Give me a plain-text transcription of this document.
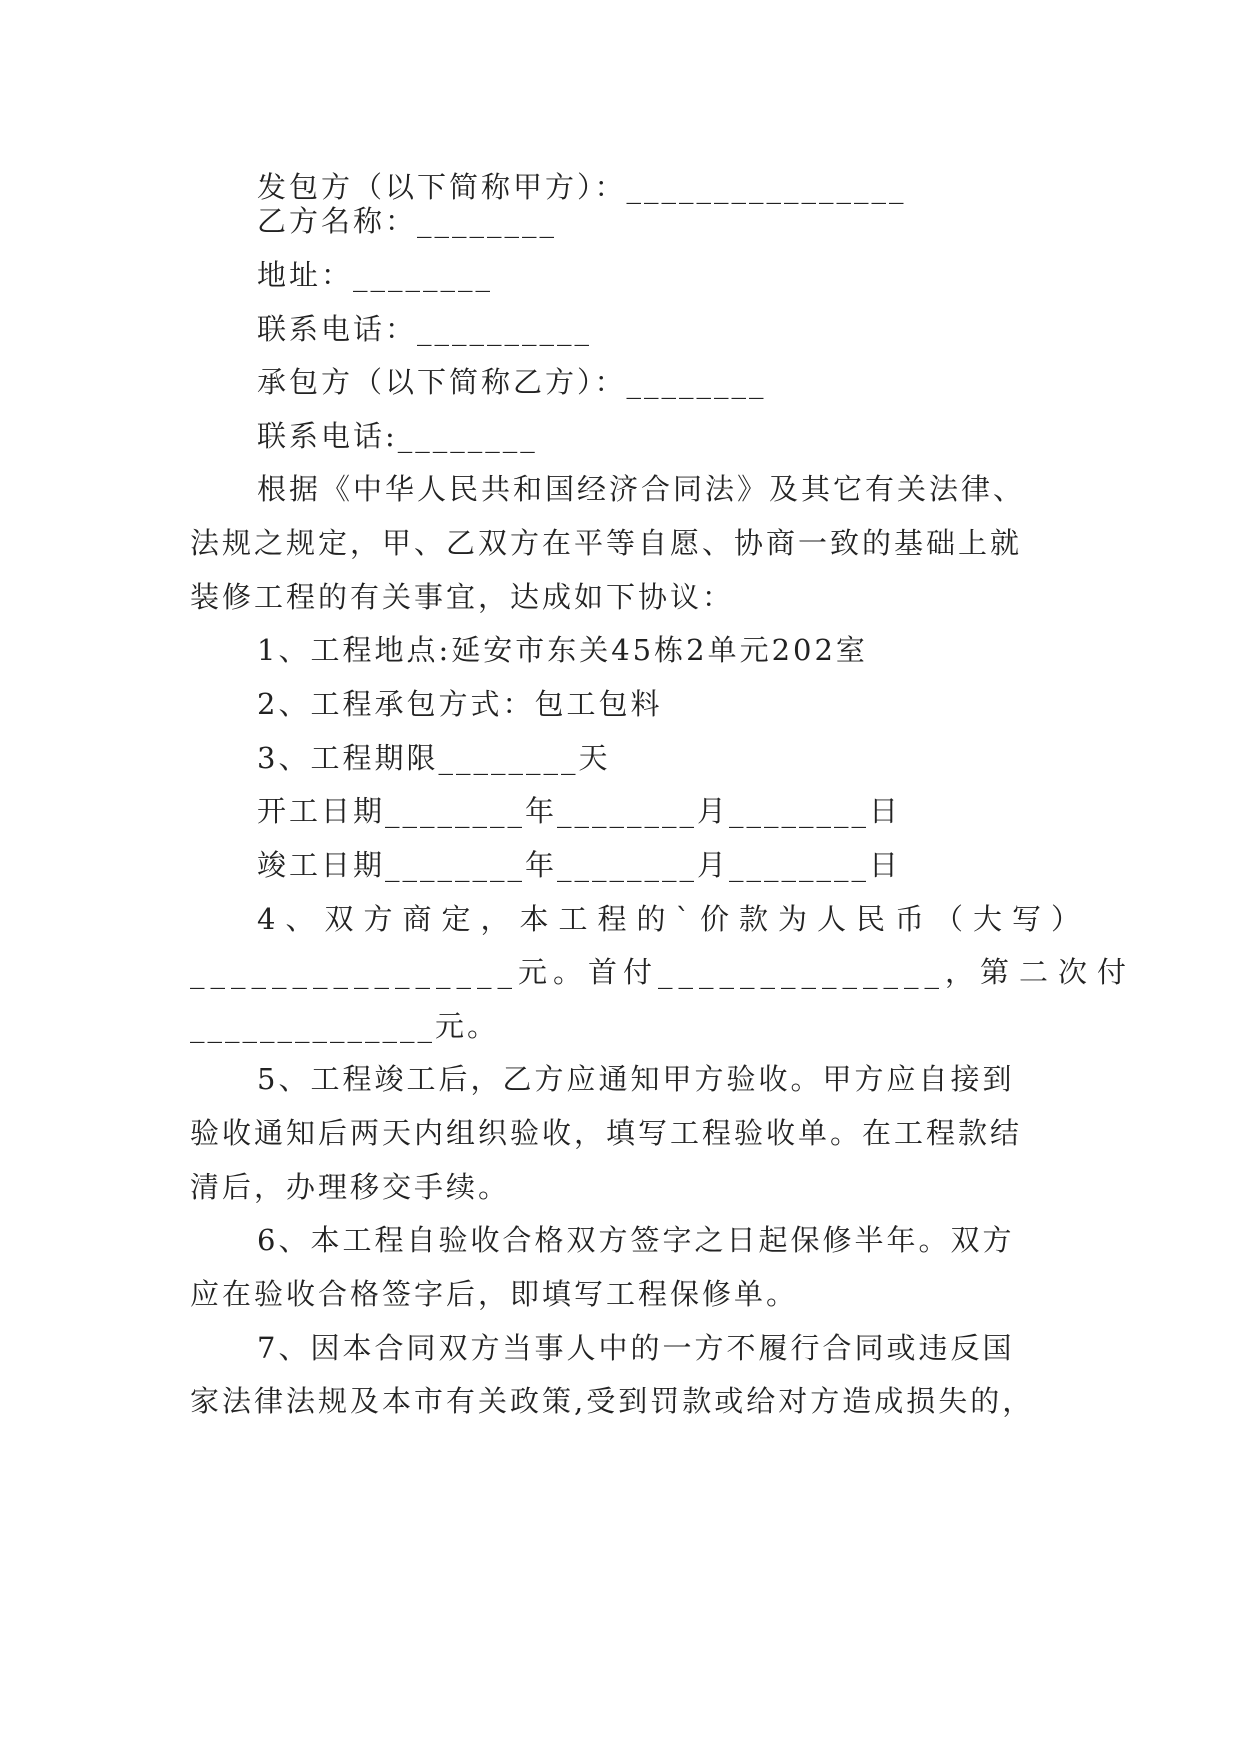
发包方（以下简称甲方）：________________
乙方名称：________
地址：________
联系电话：__________
承包方（以下简称乙方）：________
联系电话:________
根据《中华人民共和国经济合同法》及其它有关法律、
法规之规定，甲、乙双方在平等自愿、协商一致的基础上就
装修工程的有关事宜，达成如下协议：
1、工程地点:延安市东关45栋2单元202室
2、工程承包方式：包工包料
3、工程期限________天
开工日期________年________月________日
竣工日期________年________月________日
4、双方商定，本工程的`价款为人民币（大写）
________________元。首付 ______________， 第二次付
______________元。
5、工程竣工后，乙方应通知甲方验收。甲方应自接到
验收通知后两天内组织验收，填写工程验收单。在工程款结
清后，办理移交手续。
6、本工程自验收合格双方签字之日起保修半年。双方
应在验收合格签字后，即填写工程保修单。
7、因本合同双方当事人中的一方不履行合同或违反国
家法律法规及本市有关政策,受到罚款或给对方造成损失的，
